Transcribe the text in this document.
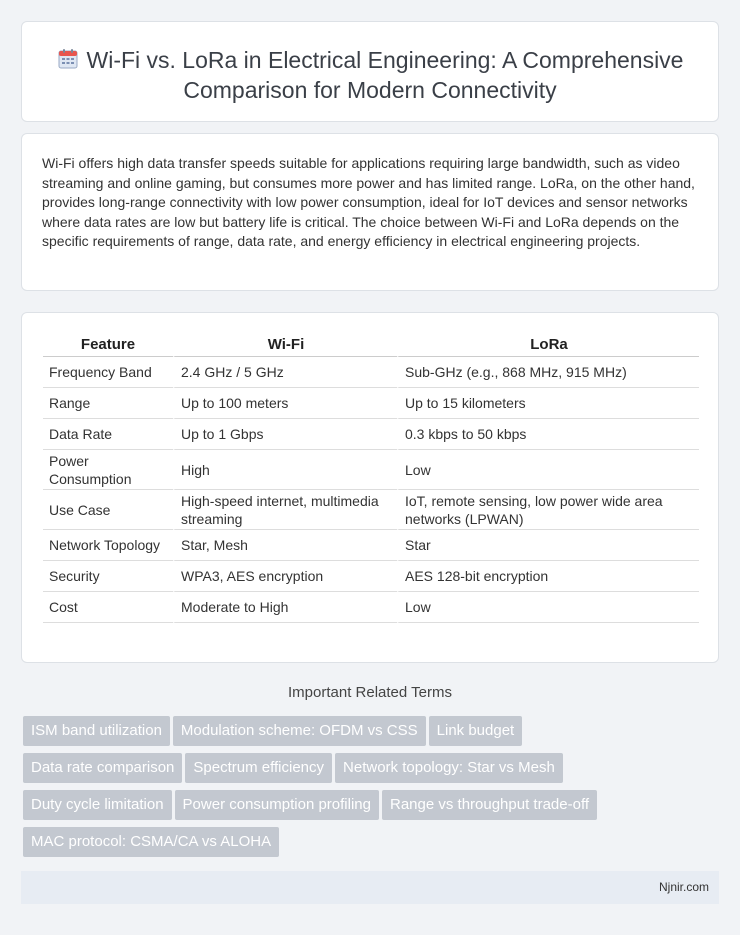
Wi-Fi vs. LoRa in Electrical Engineering: A Comprehensive Comparison for Modern Connectivity

Wi-Fi offers high data transfer speeds suitable for applications requiring large bandwidth, such as video streaming and online gaming, but consumes more power and has limited range. LoRa, on the other hand, provides long-range connectivity with low power consumption, ideal for IoT devices and sensor networks where data rates are low but battery life is critical. The choice between Wi-Fi and LoRa depends on the specific requirements of range, data rate, and energy efficiency in electrical engineering projects.

Feature	Wi-Fi	LoRa
Frequency Band	2.4 GHz / 5 GHz	Sub-GHz (e.g., 868 MHz, 915 MHz)
Range	Up to 100 meters	Up to 15 kilometers
Data Rate	Up to 1 Gbps	0.3 kbps to 50 kbps
Power Consumption	High	Low
Use Case	High-speed internet, multimedia streaming	IoT, remote sensing, low power wide area networks (LPWAN)
Network Topology	Star, Mesh	Star
Security	WPA3, AES encryption	AES 128-bit encryption
Cost	Moderate to High	Low
Important Related Terms
ISM band utilization Modulation scheme: OFDM vs CSS Link budget
Data rate comparison Spectrum efficiency Network topology: Star vs Mesh
Duty cycle limitation Power consumption profiling Range vs throughput trade-off
MAC protocol: CSMA/CA vs ALOHA
Njnir.com
